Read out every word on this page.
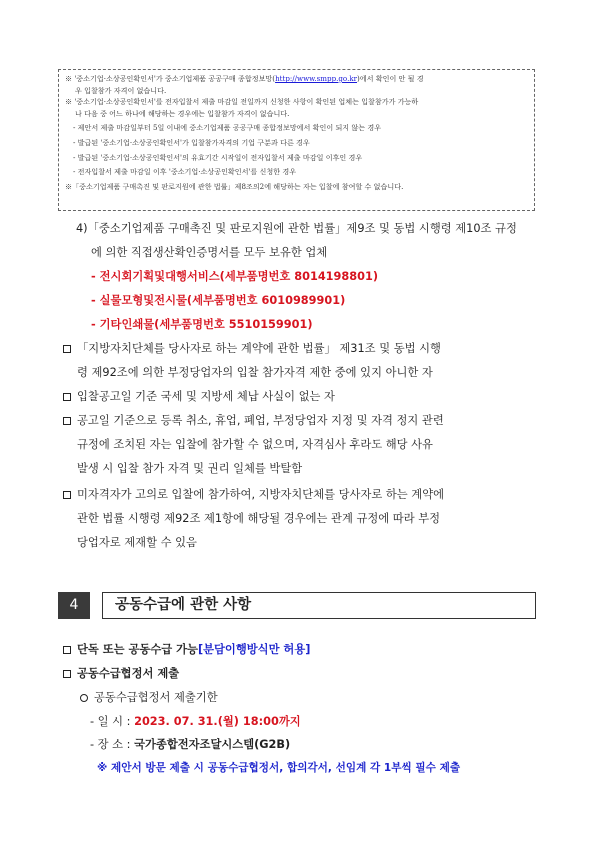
※ '중소기업·소상공인확인서'가 중소기업제품 공공구매 종합정보망(http://www.smpp.go.kr)에서 확인이 안 될 경
우 입찰참가 자격이 없습니다.
※ '중소기업·소상공인확인서'를 전자입찰서 제출 마감일 전일까지 신청한 사항이 확인된 업체는 입찰참가가 가능하
나 다음 중 어느 하나에 해당하는 경우에는 입찰참가 자격이 없습니다.
- 제안서 제출 마감일부터 5일 이내에 중소기업제품 공공구매 종합정보망에서 확인이 되지 않는 경우
- 발급된 '중소기업·소상공인확인서'가 입찰참가자격의 기업 구분과 다른 경우
- 발급된 '중소기업·소상공인확인서'의 유효기간 시작일이 전자입찰서 제출 마감일 이후인 경우
- 전자입찰서 제출 마감일 이후 '중소기업·소상공인확인서'를 신청한 경우
※「중소기업제품 구매촉진 및 판로지원에 관한 법률」제8조의2에 해당하는 자는 입찰에 참여할 수 없습니다.
4)「중소기업제품 구매촉진 및 판로지원에 관한 법률」제9조 및 동법 시행령 제10조 규정
에 의한 직접생산확인증명서를 모두 보유한 업체
- 전시회기획및대행서비스(세부품명번호 8014198801)
- 실물모형및전시물(세부품명번호 6010989901)
- 기타인쇄물(세부품명번호 5510159901)
「지방자치단체를 당사자로 하는 계약에 관한 법률」 제31조 및 동법 시행
령 제92조에 의한 부정당업자의 입찰 참가자격 제한 중에 있지 아니한 자
입찰공고일 기준 국세 및 지방세 체납 사실이 없는 자
공고일 기준으로 등록 취소, 휴업, 폐업, 부정당업자 지정 및 자격 정지 관련
규정에 조치된 자는 입찰에 참가할 수 없으며, 자격심사 후라도 해당 사유
발생 시 입찰 참가 자격 및 권리 일체를 박탈함
미자격자가 고의로 입찰에 참가하여, 지방자치단체를 당사자로 하는 계약에
관한 법률 시행령 제92조 제1항에 해당될 경우에는 관계 규정에 따라 부정
당업자로 제재할 수 있음
4	공동수급에 관한 사항
단독 또는 공동수급 가능[분담이행방식만 허용]
공동수급협정서 제출
공동수급협정서 제출기한
- 일 시 : 2023. 07. 31.(월) 18:00까지
- 장 소 : 국가종합전자조달시스템(G2B)
※ 제안서 방문 제출 시 공동수급협정서, 합의각서, 선임계 각 1부씩 필수 제출
